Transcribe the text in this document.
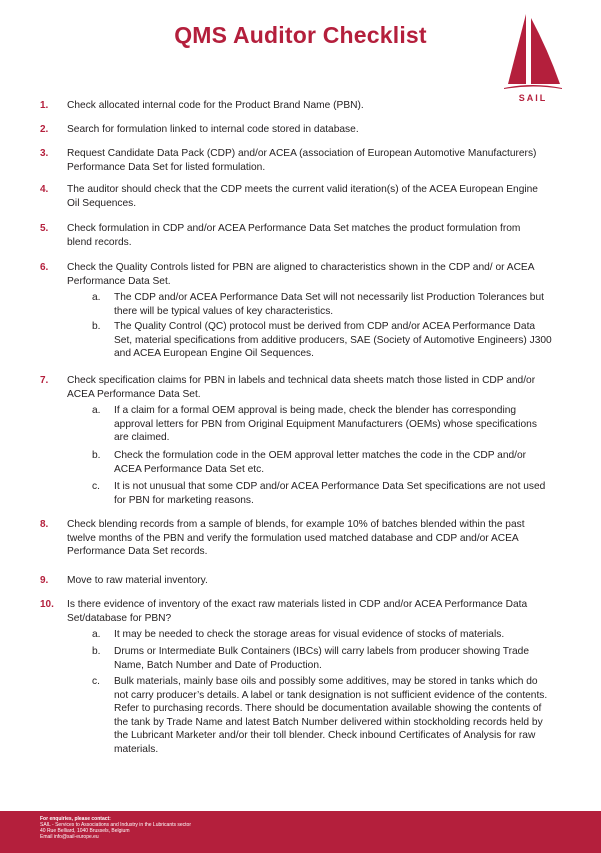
QMS Auditor Checklist
SAIL
1.	Check allocated internal code for the Product Brand Name (PBN).
2.	Search for formulation linked to internal code stored in database.
3.	Request Candidate Data Pack (CDP) and/or ACEA (association of European Automotive Manufacturers) Performance Data Set for listed formulation.
4.	The auditor should check that the CDP meets the current valid iteration(s) of the ACEA European Engine Oil Sequences.
5.	Check formulation in CDP and/or ACEA Performance Data Set matches the product formulation from blend records.
6.	Check the Quality Controls listed for PBN are aligned to characteristics shown in the CDP and/ or ACEA Performance Data Set.
a.	The CDP and/or ACEA Performance Data Set will not necessarily list Production Tolerances but there will be typical values of key characteristics.
b.	The Quality Control (QC) protocol must be derived from CDP and/or ACEA Performance Data Set, material specifications from additive producers, SAE (Society of Automotive Engineers) J300 and ACEA European Engine Oil Sequences.
7.	Check specification claims for PBN in labels and technical data sheets match those listed in CDP and/or ACEA Performance Data Set.
a.	If a claim for a formal OEM approval is being made, check the blender has corresponding approval letters for PBN from Original Equipment Manufacturers (OEMs) whose specifications are claimed.
b.	Check the formulation code in the OEM approval letter matches the code in the CDP and/or ACEA Performance Data Set etc.
c.	It is not unusual that some CDP and/or ACEA Performance Data Set specifications are not used for PBN for marketing reasons.
8.	Check blending records from a sample of blends, for example 10% of batches blended within the past twelve months of the PBN and verify the formulation used matched database and CDP and/or ACEA Performance Data Set records.
9.	Move to raw material inventory.
10.	Is there evidence of inventory of the exact raw materials listed in CDP and/or ACEA Performance Data Set/database for PBN?
a.	It may be needed to check the storage areas for visual evidence of stocks of materials.
b.	Drums or Intermediate Bulk Containers (IBCs) will carry labels from producer showing Trade Name, Batch Number and Date of Production.
c.	Bulk materials, mainly base oils and possibly some additives, may be stored in tanks which do not carry producer’s details. A label or tank designation is not sufficient evidence of the contents. Refer to purchasing records. There should be documentation available showing the contents of the tank by Trade Name and latest Batch Number delivered within stockholding records held by the Lubricant Marketer and/or their toll blender. Check inbound Certificates of Analysis for raw materials.
For enquiries, please contact:
SAIL - Services to Associations and Industry in the Lubricants sector
40 Rue Belliard, 1040 Brussels, Belgium
Email info@sail-europe.eu
